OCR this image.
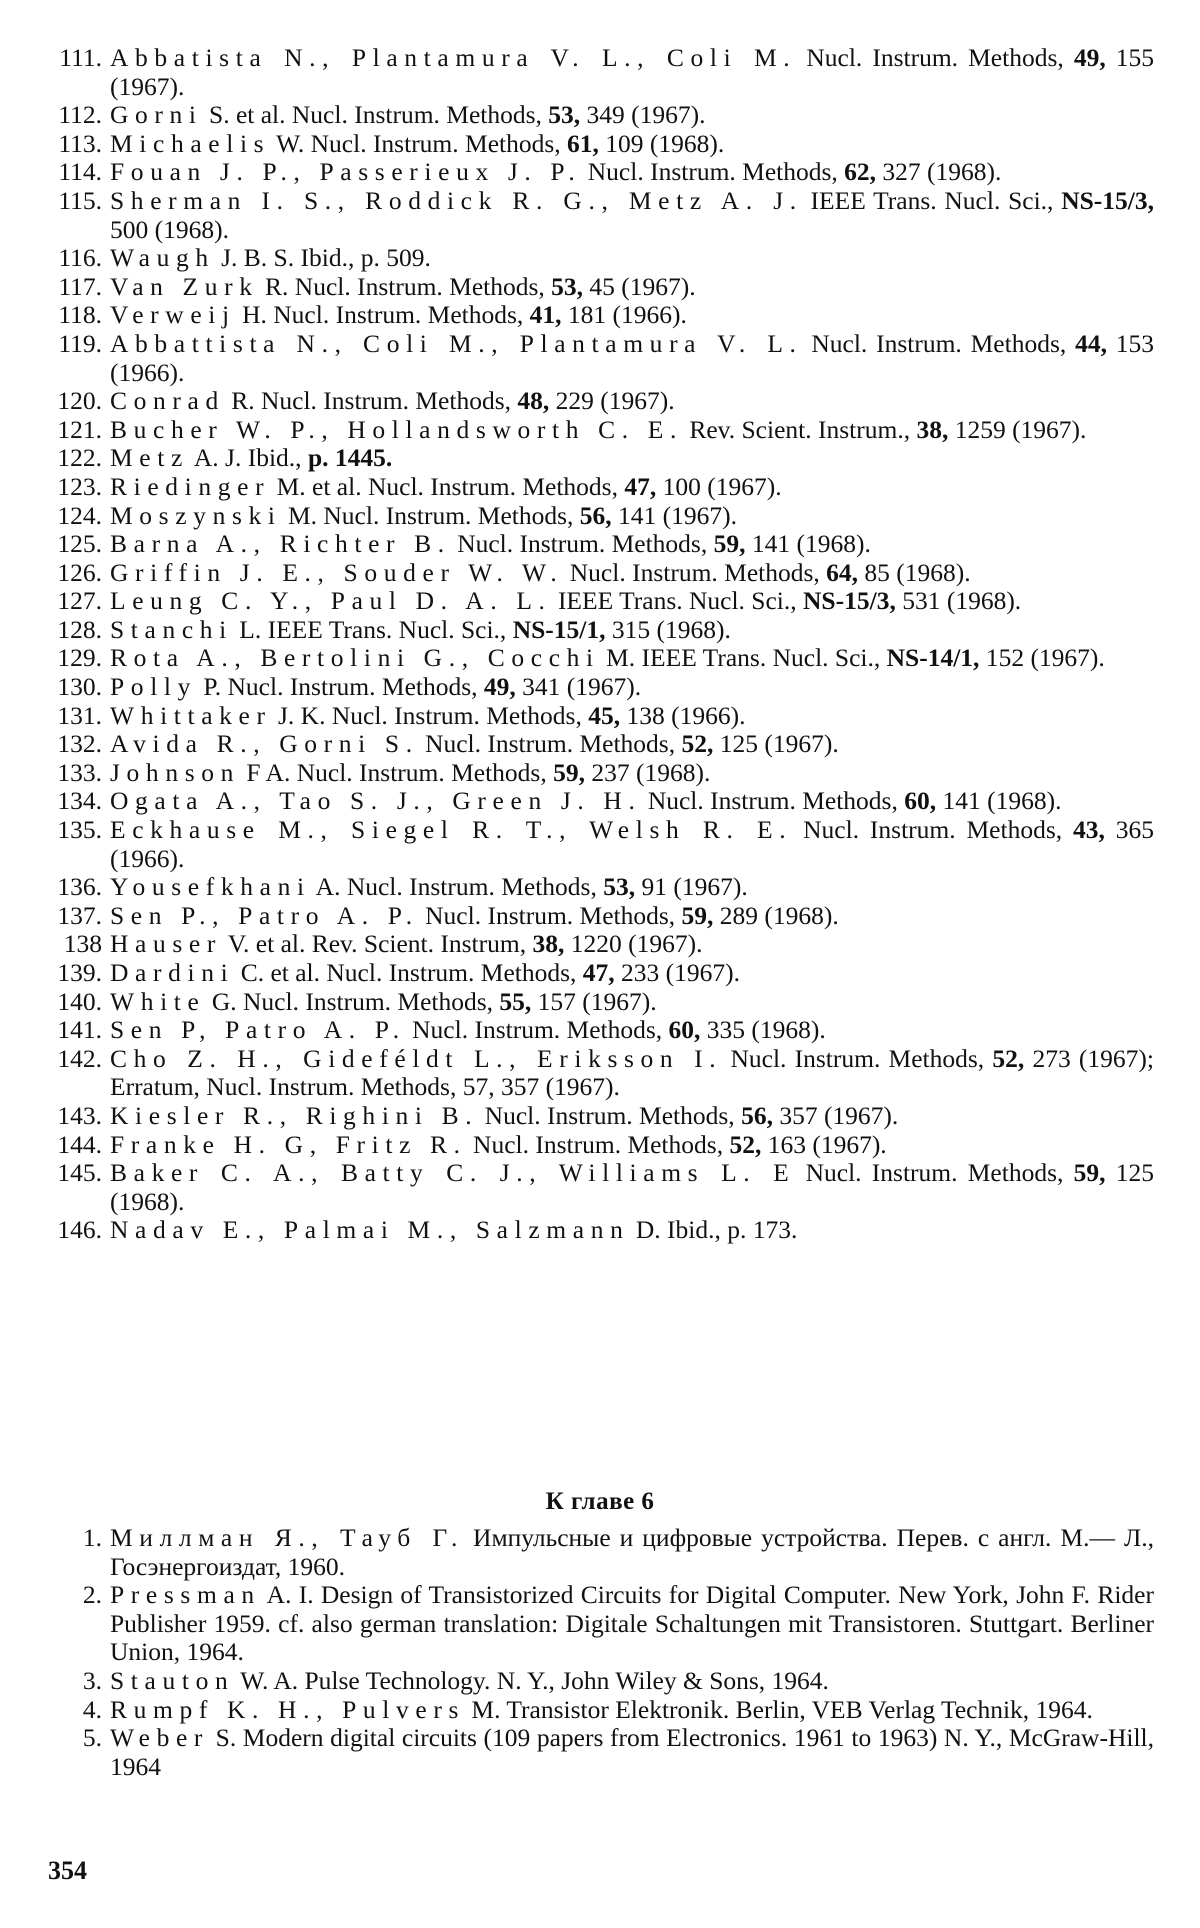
111. Abbatista N., Plantamura V. L., Coli M. Nucl. Instrum. Methods, 49, 155 (1967).
112. Gorni S. et al. Nucl. Instrum. Methods, 53, 349 (1967).
113. Michaelis W. Nucl. Instrum. Methods, 61, 109 (1968).
114. Fouan J. P., Passerieux J. P. Nucl. Instrum. Methods, 62, 327 (1968).
115. Sherman I. S., Roddick R. G., Metz A. J. IEEE Trans. Nucl. Sci., NS-15/3, 500 (1968).
116. Waugh J. B. S. Ibid., p. 509.
117. Van Zurk R. Nucl. Instrum. Methods, 53, 45 (1967).
118. Verweij H. Nucl. Instrum. Methods, 41, 181 (1966).
119. Abbattista N., Coli M., Plantamura V. L. Nucl. Instrum. Methods, 44, 153 (1966).
120. Conrad R. Nucl. Instrum. Methods, 48, 229 (1967).
121. Bucher W. P., Hollandsworth C. E. Rev. Scient. Instrum., 38, 1259 (1967).
122. Metz A. J. Ibid., p. 1445.
123. Riedinger M. et al. Nucl. Instrum. Methods, 47, 100 (1967).
124. Moszynski M. Nucl. Instrum. Methods, 56, 141 (1967).
125. Barna A., Richter B. Nucl. Instrum. Methods, 59, 141 (1968).
126. Griffin J. E., Souder W. W. Nucl. Instrum. Methods, 64, 85 (1968).
127. Leung C. Y., Paul D. A. L. IEEE Trans. Nucl. Sci., NS-15/3, 531 (1968).
128. Stanchi L. IEEE Trans. Nucl. Sci., NS-15/1, 315 (1968).
129. Rota A., Bertolini G., Cocchi M. IEEE Trans. Nucl. Sci., NS-14/1, 152 (1967).
130. Polly P. Nucl. Instrum. Methods, 49, 341 (1967).
131. Whittaker J. K. Nucl. Instrum. Methods, 45, 138 (1966).
132. Avida R., Gorni S. Nucl. Instrum. Methods, 52, 125 (1967).
133. Johnson F A. Nucl. Instrum. Methods, 59, 237 (1968).
134. Ogata A., Tao S. J., Green J. H. Nucl. Instrum. Methods, 60, 141 (1968).
135. Eckhause M., Siegel R. T., Welsh R. E. Nucl. Instrum. Methods, 43, 365 (1966).
136. Yousefkhani A. Nucl. Instrum. Methods, 53, 91 (1967).
137. Sen P., Patro A. P. Nucl. Instrum. Methods, 59, 289 (1968).
138 Hauser V. et al. Rev. Scient. Instrum, 38, 1220 (1967).
139. Dardini C. et al. Nucl. Instrum. Methods, 47, 233 (1967).
140. White G. Nucl. Instrum. Methods, 55, 157 (1967).
141. Sen P, Patro A. P. Nucl. Instrum. Methods, 60, 335 (1968).
142. Cho Z. H., Gideféldt L., Eriksson I. Nucl. Instrum. Methods, 52, 273 (1967); Erratum, Nucl. Instrum. Methods, 57, 357 (1967).
143. Kiesler R., Righini B. Nucl. Instrum. Methods, 56, 357 (1967).
144. Franke H. G, Fritz R. Nucl. Instrum. Methods, 52, 163 (1967).
145. Baker C. A., Batty C. J., Williams L. E Nucl. Instrum. Methods, 59, 125 (1968).
146. Nadav E., Palmai M., Salzmann D. Ibid., p. 173.
К главе 6
1. Миллман Я., Тауб Г. Импульсные и цифровые устройства. Перев. с англ. М.— Л., Госэнергоиздат, 1960.
2. Pressman A. I. Design of Transistorized Circuits for Digital Computer. New York, John F. Rider Publisher 1959. cf. also german translation: Digitale Schaltungen mit Transistoren. Stuttgart. Berliner Union, 1964.
3. Stauton W. A. Pulse Technology. N. Y., John Wiley & Sons, 1964.
4. Rumpf K. H., Pulvers M. Transistor Elektronik. Berlin, VEB Verlag Technik, 1964.
5. Weber S. Modern digital circuits (109 papers from Electronics. 1961 to 1963) N. Y., McGraw-Hill, 1964
354
